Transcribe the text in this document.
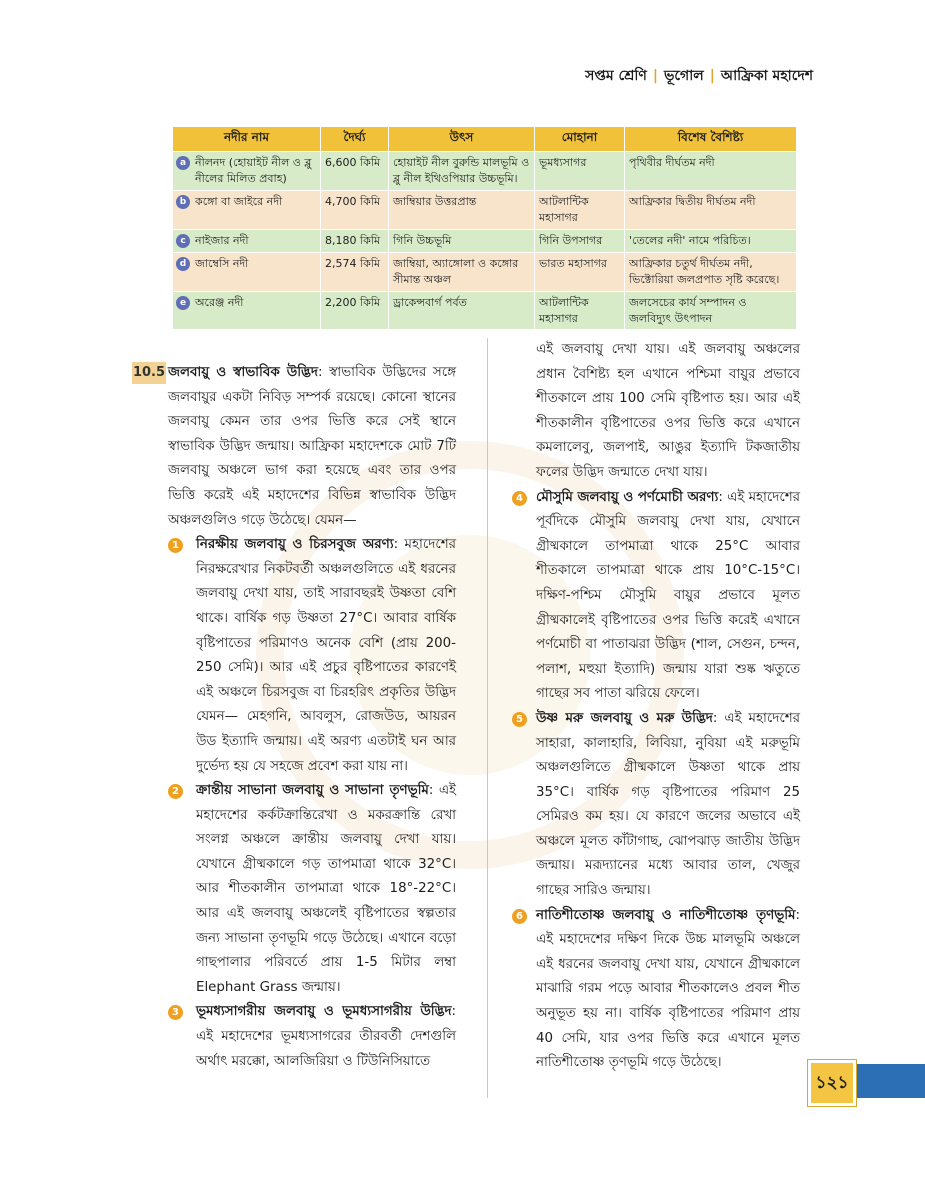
সপ্তম শ্রেণি | ভূগোল | আফ্রিকা মহাদেশ
নদীর নাম	দৈর্ঘ্য	উৎস	মোহানা	বিশেষ বৈশিষ্ট্য

a নীলনদ (হোয়াইট নীল ও ব্লু নীলের মিলিত প্রবাহ)	6,600 কিমি	হোয়াইট নীল বুরুন্ডি মালভূমি ও ব্লু নীল ইথিওপিয়ার উচ্চভূমি।	ভূমধ্যসাগর	পৃথিবীর দীর্ঘতম নদী

b কঙ্গো বা জাইরে নদী	4,700 কিমি	জাম্বিয়ার উত্তরপ্রান্ত	আটলান্টিক মহাসাগর	আফ্রিকার দ্বিতীয় দীর্ঘতম নদী

c নাইজার নদী	8,180 কিমি	গিনি উচ্চভূমি	গিনি উপসাগর	'তেলের নদী' নামে পরিচিত।

d জাম্বেসি নদী	2,574 কিমি	জাম্বিয়া, অ্যাঙ্গোলা ও কঙ্গোর সীমান্ত অঞ্চল	ভারত মহাসাগর	আফ্রিকার চতুর্থ দীর্ঘতম নদী, ভিক্টোরিয়া জলপ্রপাত সৃষ্টি করেছে।

e অরেঞ্জ নদী	2,200 কিমি	ড্রাকেন্সবার্গ পর্বত	আটলান্টিক মহাসাগর	জলসেচের কার্য সম্পাদন ও জলবিদ্যুৎ উৎপাদন
10.5 জলবায়ু ও স্বাভাবিক উদ্ভিদ: স্বাভাবিক উদ্ভিদের সঙ্গে জলবায়ুর একটা নিবিড় সম্পর্ক রয়েছে। কোনো স্থানের জলবায়ু কেমন তার ওপর ভিত্তি করে সেই স্থানে স্বাভাবিক উদ্ভিদ জন্মায়। আফ্রিকা মহাদেশকে মোট 7টি জলবায়ু অঞ্চলে ভাগ করা হয়েছে এবং তার ওপর ভিত্তি করেই এই মহাদেশের বিভিন্ন স্বাভাবিক উদ্ভিদ অঞ্চলগুলিও গড়ে উঠেছে। যেমন—

1 নিরক্ষীয় জলবায়ু ও চিরসবুজ অরণ্য: মহাদেশের নিরক্ষরেখার নিকটবর্তী অঞ্চলগুলিতে এই ধরনের জলবায়ু দেখা যায়, তাই সারাবছরই উষ্ণতা বেশি থাকে। বার্ষিক গড় উষ্ণতা 27°C। আবার বার্ষিক বৃষ্টিপাতের পরিমাণও অনেক বেশি (প্রায় 200-250 সেমি)। আর এই প্রচুর বৃষ্টিপাতের কারণেই এই অঞ্চলে চিরসবুজ বা চিরহরিৎ প্রকৃতির উদ্ভিদ যেমন— মেহগনি, আবলুস, রোজউড, আয়রন উড ইত্যাদি জন্মায়। এই অরণ্য এতটাই ঘন আর দুর্ভেদ্য হয় যে সহজে প্রবেশ করা যায় না।
2 ক্রান্তীয় সাভানা জলবায়ু ও সাভানা তৃণভূমি: এই মহাদেশের কর্কটক্রান্তিরেখা ও মকরক্রান্তি রেখা সংলগ্ন অঞ্চলে ক্রান্তীয় জলবায়ু দেখা যায়। যেখানে গ্রীষ্মকালে গড় তাপমাত্রা থাকে 32°C। আর শীতকালীন তাপমাত্রা থাকে 18°-22°C। আর এই জলবায়ু অঞ্চলেই বৃষ্টিপাতের স্বল্পতার জন্য সাভানা তৃণভূমি গড়ে উঠেছে। এখানে বড়ো গাছপালার পরিবর্তে প্রায় 1-5 মিটার লম্বা Elephant Grass জন্মায়।
3 ভূমধ্যসাগরীয় জলবায়ু ও ভূমধ্যসাগরীয় উদ্ভিদ: এই মহাদেশের ভূমধ্যসাগরের তীরবর্তী দেশগুলি অর্থাৎ মরক্কো, আলজিরিয়া ও টিউনিসিয়াতে

এই জলবায়ু দেখা যায়। এই জলবায়ু অঞ্চলের প্রধান বৈশিষ্ট্য হল এখানে পশ্চিমা বায়ুর প্রভাবে শীতকালে প্রায় 100 সেমি বৃষ্টিপাত হয়। আর এই শীতকালীন বৃষ্টিপাতের ওপর ভিত্তি করে এখানে কমলালেবু, জলপাই, আঙুর ইত্যাদি টকজাতীয় ফলের উদ্ভিদ জন্মাতে দেখা যায়।

4 মৌসুমি জলবায়ু ও পর্ণমোচী অরণ্য: এই মহাদেশের পূর্বদিকে মৌসুমি জলবায়ু দেখা যায়, যেখানে গ্রীষ্মকালে তাপমাত্রা থাকে 25°C আবার শীতকালে তাপমাত্রা থাকে প্রায় 10°C-15°C। দক্ষিণ-পশ্চিম মৌসুমি বায়ুর প্রভাবে মূলত গ্রীষ্মকালেই বৃষ্টিপাতের ওপর ভিত্তি করেই এখানে পর্ণমোচী বা পাতাঝরা উদ্ভিদ (শাল, সেগুন, চন্দন, পলাশ, মহুয়া ইত্যাদি) জন্মায় যারা শুষ্ক ঋতুতে গাছের সব পাতা ঝরিয়ে ফেলে।
5 উষ্ণ মরু জলবায়ু ও মরু উদ্ভিদ: এই মহাদেশের সাহারা, কালাহারি, লিবিয়া, নুবিয়া এই মরুভূমি অঞ্চলগুলিতে গ্রীষ্মকালে উষ্ণতা থাকে প্রায় 35°C। বার্ষিক গড় বৃষ্টিপাতের পরিমাণ 25 সেমিরও কম হয়। যে কারণে জলের অভাবে এই অঞ্চলে মূলত কাঁটাগাছ, ঝোপঝাড় জাতীয় উদ্ভিদ জন্মায়। মরূদ্যানের মধ্যে আবার তাল, খেজুর গাছের সারিও জন্মায়।
6 নাতিশীতোষ্ণ জলবায়ু ও নাতিশীতোষ্ণ তৃণভূমি: এই মহাদেশের দক্ষিণ দিকে উচ্চ মালভূমি অঞ্চলে এই ধরনের জলবায়ু দেখা যায়, যেখানে গ্রীষ্মকালে মাঝারি গরম পড়ে আবার শীতকালেও প্রবল শীত অনুভূত হয় না। বার্ষিক বৃষ্টিপাতের পরিমাণ প্রায় 40 সেমি, যার ওপর ভিত্তি করে এখানে মূলত নাতিশীতোষ্ণ তৃণভূমি গড়ে উঠেছে।
১২১
